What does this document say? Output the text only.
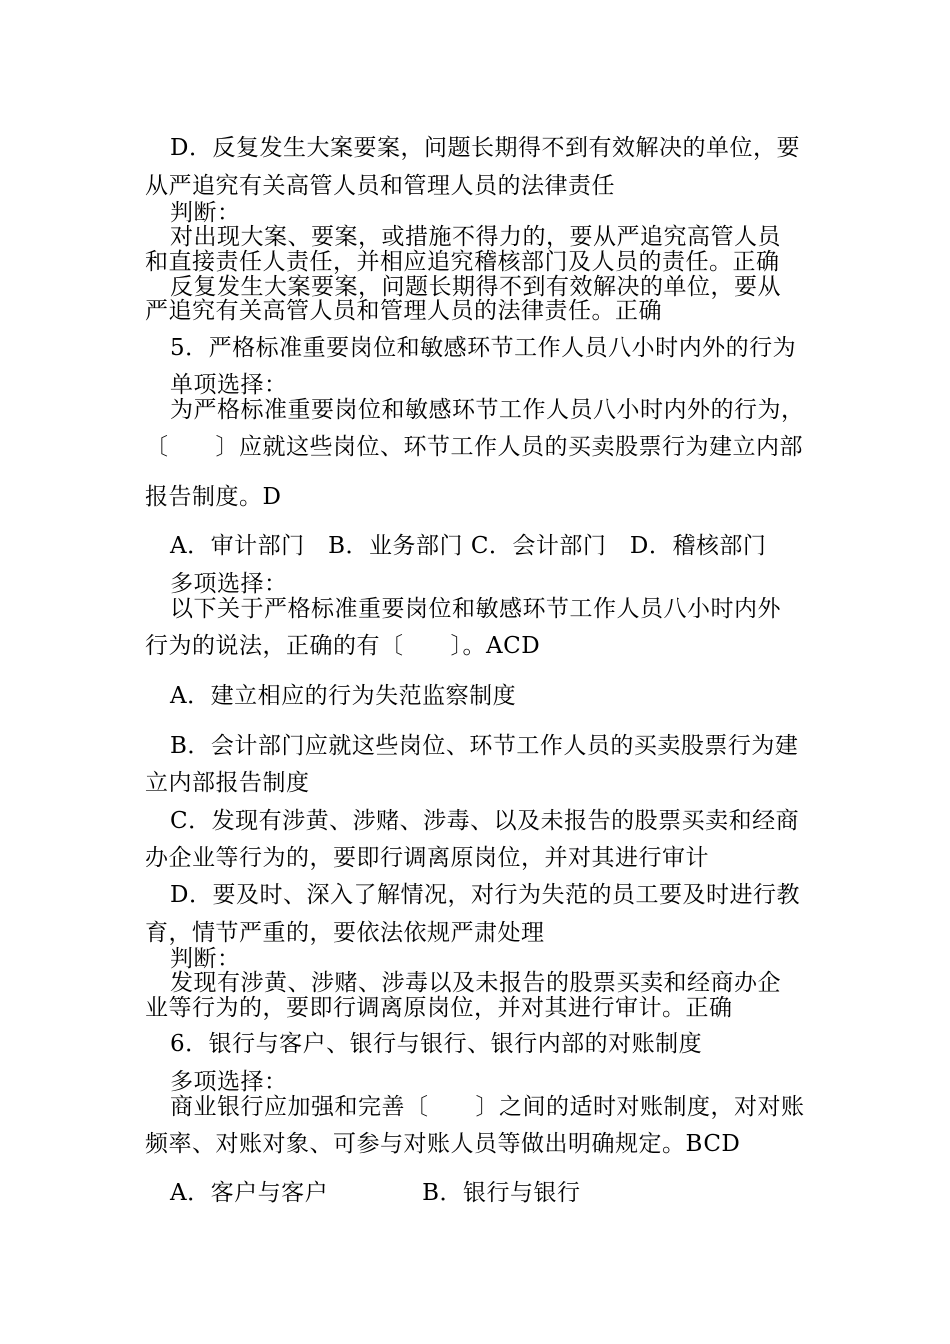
D．反复发生大案要案，问题长期得不到有效解决的单位，要
从严追究有关高管人员和管理人员的法律责任
判断：
对出现大案、要案，或措施不得力的，要从严追究高管人员
和直接责任人责任，并相应追究稽核部门及人员的责任。正确
反复发生大案要案，问题长期得不到有效解决的单位，要从
严追究有关高管人员和管理人员的法律责任。正确
5．严格标准重要岗位和敏感环节工作人员八小时内外的行为
单项选择：
为严格标准重要岗位和敏感环节工作人员八小时内外的行为，
〔　　〕应就这些岗位、环节工作人员的买卖股票行为建立内部
报告制度。D
A．审计部门　B．业务部门 C．会计部门　D．稽核部门
多项选择：
以下关于严格标准重要岗位和敏感环节工作人员八小时内外
行为的说法，正确的有〔　　〕。ACD
A．建立相应的行为失范监察制度
B．会计部门应就这些岗位、环节工作人员的买卖股票行为建
立内部报告制度
C．发现有涉黄、涉赌、涉毒、以及未报告的股票买卖和经商
办企业等行为的，要即行调离原岗位，并对其进行审计
D．要及时、深入了解情况，对行为失范的员工要及时进行教
育，情节严重的，要依法依规严肃处理
判断：
发现有涉黄、涉赌、涉毒以及未报告的股票买卖和经商办企
业等行为的，要即行调离原岗位，并对其进行审计。正确
6．银行与客户、银行与银行、银行内部的对账制度
多项选择：
商业银行应加强和完善〔　　〕之间的适时对账制度，对对账
频率、对账对象、可参与对账人员等做出明确规定。BCD
A．客户与客户　　　　B．银行与银行
